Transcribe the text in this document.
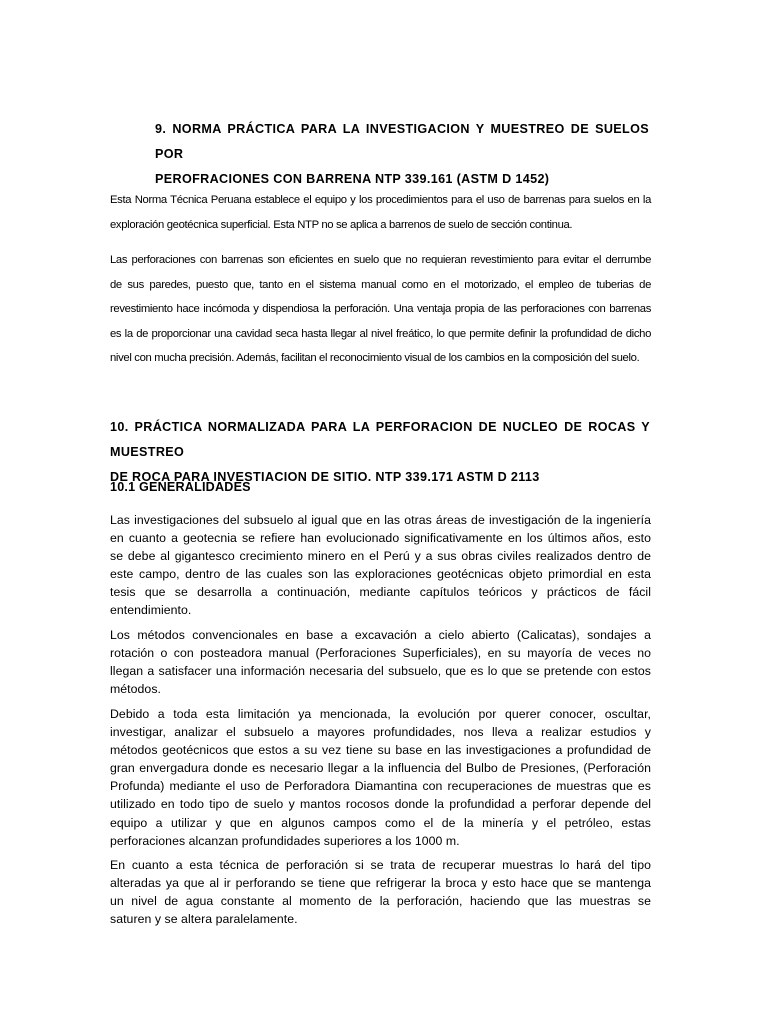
9. NORMA PRÁCTICA PARA LA INVESTIGACION Y MUESTREO DE SUELOS POR
PEROFRACIONES CON BARRENA NTP 339.161 (ASTM D 1452)
Esta Norma Técnica Peruana establece el equipo y los procedimientos para el uso de barrenas para suelos en la
exploración geotécnica superficial. Esta NTP no se aplica a barrenos de suelo de sección continua.
Las perforaciones con barrenas son eficientes en suelo que no requieran revestimiento para evitar el derrumbe
de sus paredes, puesto que, tanto en el sistema manual como en el motorizado, el empleo de tuberias de
revestimiento hace incómoda y dispendiosa la perforación. Una ventaja propia de las perforaciones con barrenas
es la de proporcionar una cavidad seca hasta llegar al nivel freático, lo que permite definir la profundidad de dicho
nivel con mucha precisión. Además, facilitan el reconocimiento visual de los cambios en la composición del suelo.
10. PRÁCTICA NORMALIZADA PARA LA PERFORACION DE NUCLEO DE ROCAS Y MUESTREO
DE ROCA PARA INVESTIACION DE SITIO. NTP 339.171 ASTM D 2113
10.1 GENERALIDADES
Las investigaciones del subsuelo al igual que en las otras áreas de investigación de la ingeniería
en cuanto a geotecnia se refiere han evolucionado significativamente en los últimos años, esto
se debe al gigantesco crecimiento minero en el Perú y a sus obras civiles realizados dentro de
este campo, dentro de las cuales son las exploraciones geotécnicas objeto primordial en esta
tesis que se desarrolla a continuación, mediante capítulos teóricos y prácticos de fácil
entendimiento.
Los métodos convencionales en base a excavación a cielo abierto (Calicatas), sondajes a
rotación o con posteadora manual (Perforaciones Superficiales), en su mayoría de veces no
llegan a satisfacer una información necesaria del subsuelo, que es lo que se pretende con estos
métodos.
Debido a toda esta limitación ya mencionada, la evolución por querer conocer, oscultar,
investigar, analizar el subsuelo a mayores profundidades, nos lleva a realizar estudios y
métodos geotécnicos que estos a su vez tiene su base en las investigaciones a profundidad de
gran envergadura donde es necesario llegar a la influencia del Bulbo de Presiones, (Perforación
Profunda) mediante el uso de Perforadora Diamantina con recuperaciones de muestras que es
utilizado en todo tipo de suelo y mantos rocosos donde la profundidad a perforar depende del
equipo a utilizar y que en algunos campos como el de la minería y el petróleo, estas
perforaciones alcanzan profundidades superiores a los 1000 m.
En cuanto a esta técnica de perforación si se trata de recuperar muestras lo hará del tipo
alteradas ya que al ir perforando se tiene que refrigerar la broca y esto hace que se mantenga
un nivel de agua constante al momento de la perforación, haciendo que las muestras se
saturen y se altera paralelamente.
